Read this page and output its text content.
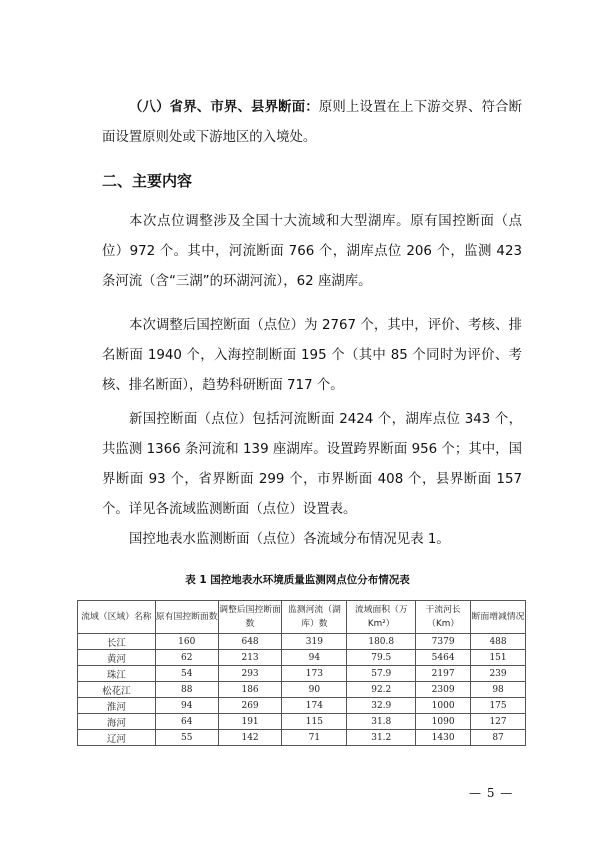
（八）省界、市界、县界断面：原则上设置在上下游交界、符合断面设置原则处或下游地区的入境处。

二、主要内容

本次点位调整涉及全国十大流域和大型湖库。原有国控断面（点位）972 个。其中，河流断面 766 个，湖库点位 206 个，监测 423 条河流（含“三湖”的环湖河流），62 座湖库。

本次调整后国控断面（点位）为 2767 个，其中，评价、考核、排名断面 1940 个，入海控制断面 195 个（其中 85 个同时为评价、考核、排名断面），趋势科研断面 717 个。

新国控断面（点位）包括河流断面 2424 个，湖库点位 343 个，共监测 1366 条河流和 139 座湖库。设置跨界断面 956 个；其中，国界断面 93 个，省界断面 299 个，市界断面 408 个，县界断面 157 个。详见各流域监测断面（点位）设置表。

国控地表水监测断面（点位）各流域分布情况见表 1。

表 1 国控地表水环境质量监测网点位分布情况表

流域（区域）名称	原有国控断面数	调整后国控断面数	监测河流（湖库）数	流域面积（万 Km²）	干流河长（Km）	断面增减情况
长江	160	648	319	180.8	7379	488
黄河	62	213	94	79.5	5464	151
珠江	54	293	173	57.9	2197	239
松花江	88	186	90	92.2	2309	98
淮河	94	269	174	32.9	1000	175
海河	64	191	115	31.8	1090	127
辽河	55	142	71	31.2	1430	87

— 5 —
